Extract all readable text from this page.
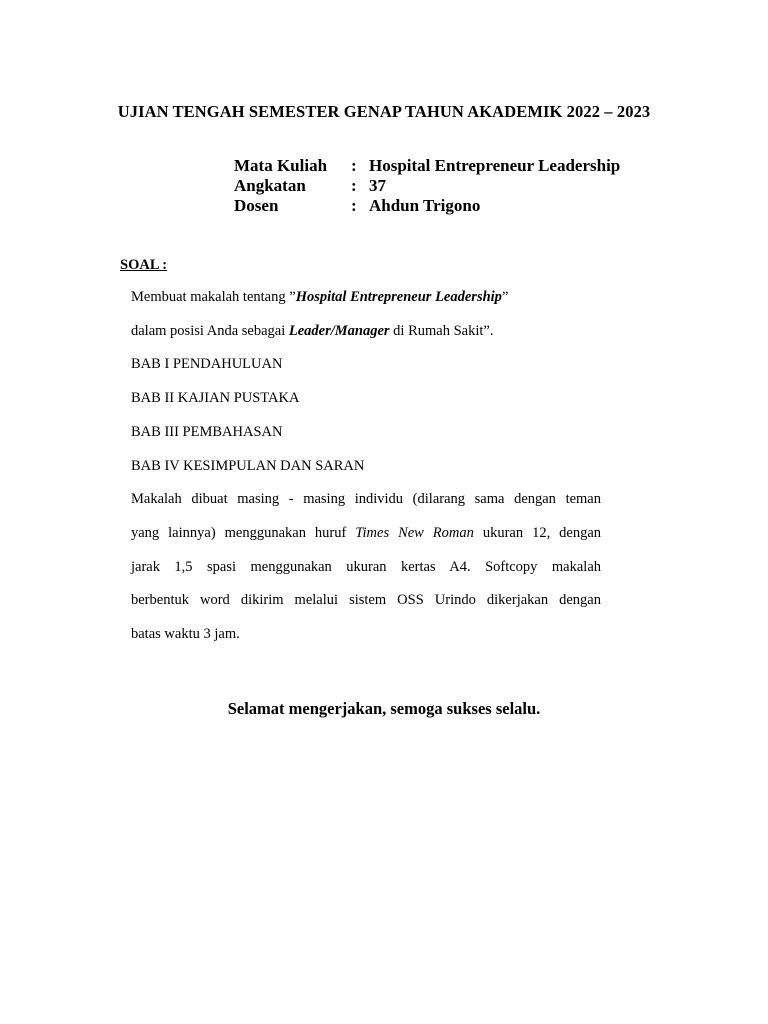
UJIAN TENGAH SEMESTER GENAP TAHUN AKADEMIK 2022 – 2023
Mata Kuliah	: Hospital Entrepreneur Leadership
Angkatan	: 37
Dosen	: Ahdun Trigono
SOAL :
Membuat makalah tentang ”Hospital Entrepreneur Leadership”
dalam posisi Anda sebagai Leader/Manager di Rumah Sakit”.
BAB I PENDAHULUAN
BAB II KAJIAN PUSTAKA
BAB III PEMBAHASAN
BAB IV KESIMPULAN DAN SARAN
Makalah dibuat masing - masing individu (dilarang sama dengan teman
yang lainnya) menggunakan huruf Times New Roman ukuran 12, dengan
jarak 1,5 spasi menggunakan ukuran kertas A4. Softcopy makalah
berbentuk word dikirim melalui sistem OSS Urindo dikerjakan dengan
batas waktu 3 jam.
Selamat mengerjakan, semoga sukses selalu.
